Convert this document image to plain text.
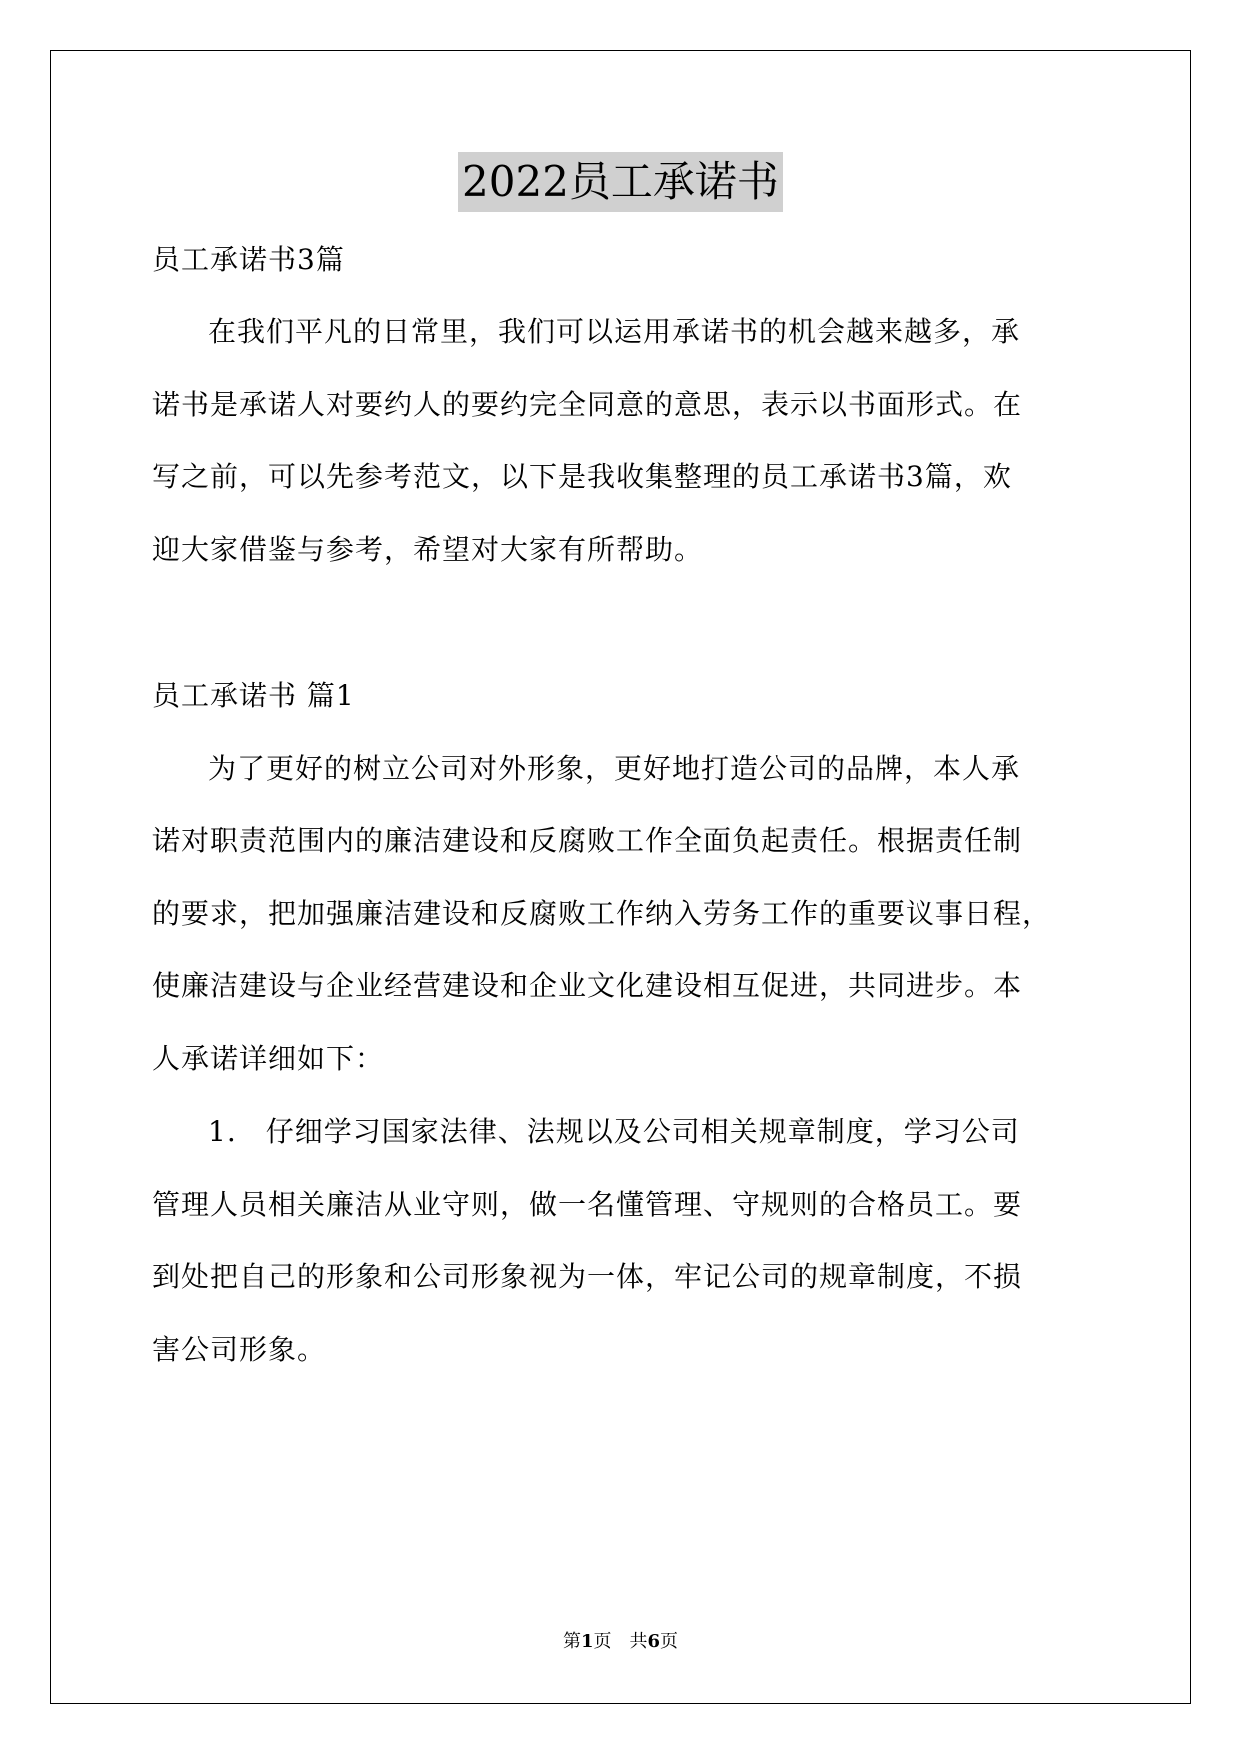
2022员工承诺书

员工承诺书3篇

在我们平凡的日常里，我们可以运用承诺书的机会越来越多，承

诺书是承诺人对要约人的要约完全同意的意思，表示以书面形式。在

写之前，可以先参考范文，以下是我收集整理的员工承诺书3篇，欢

迎大家借鉴与参考，希望对大家有所帮助。

员工承诺书 篇1

为了更好的树立公司对外形象，更好地打造公司的品牌，本人承

诺对职责范围内的廉洁建设和反腐败工作全面负起责任。根据责任制

的要求，把加强廉洁建设和反腐败工作纳入劳务工作的重要议事日程，

使廉洁建设与企业经营建设和企业文化建设相互促进，共同进步。本

人承诺详细如下：

1.　仔细学习国家法律、法规以及公司相关规章制度，学习公司

管理人员相关廉洁从业守则，做一名懂管理、守规则的合格员工。要

到处把自己的形象和公司形象视为一体，牢记公司的规章制度，不损

害公司形象。

第1页　共6页
